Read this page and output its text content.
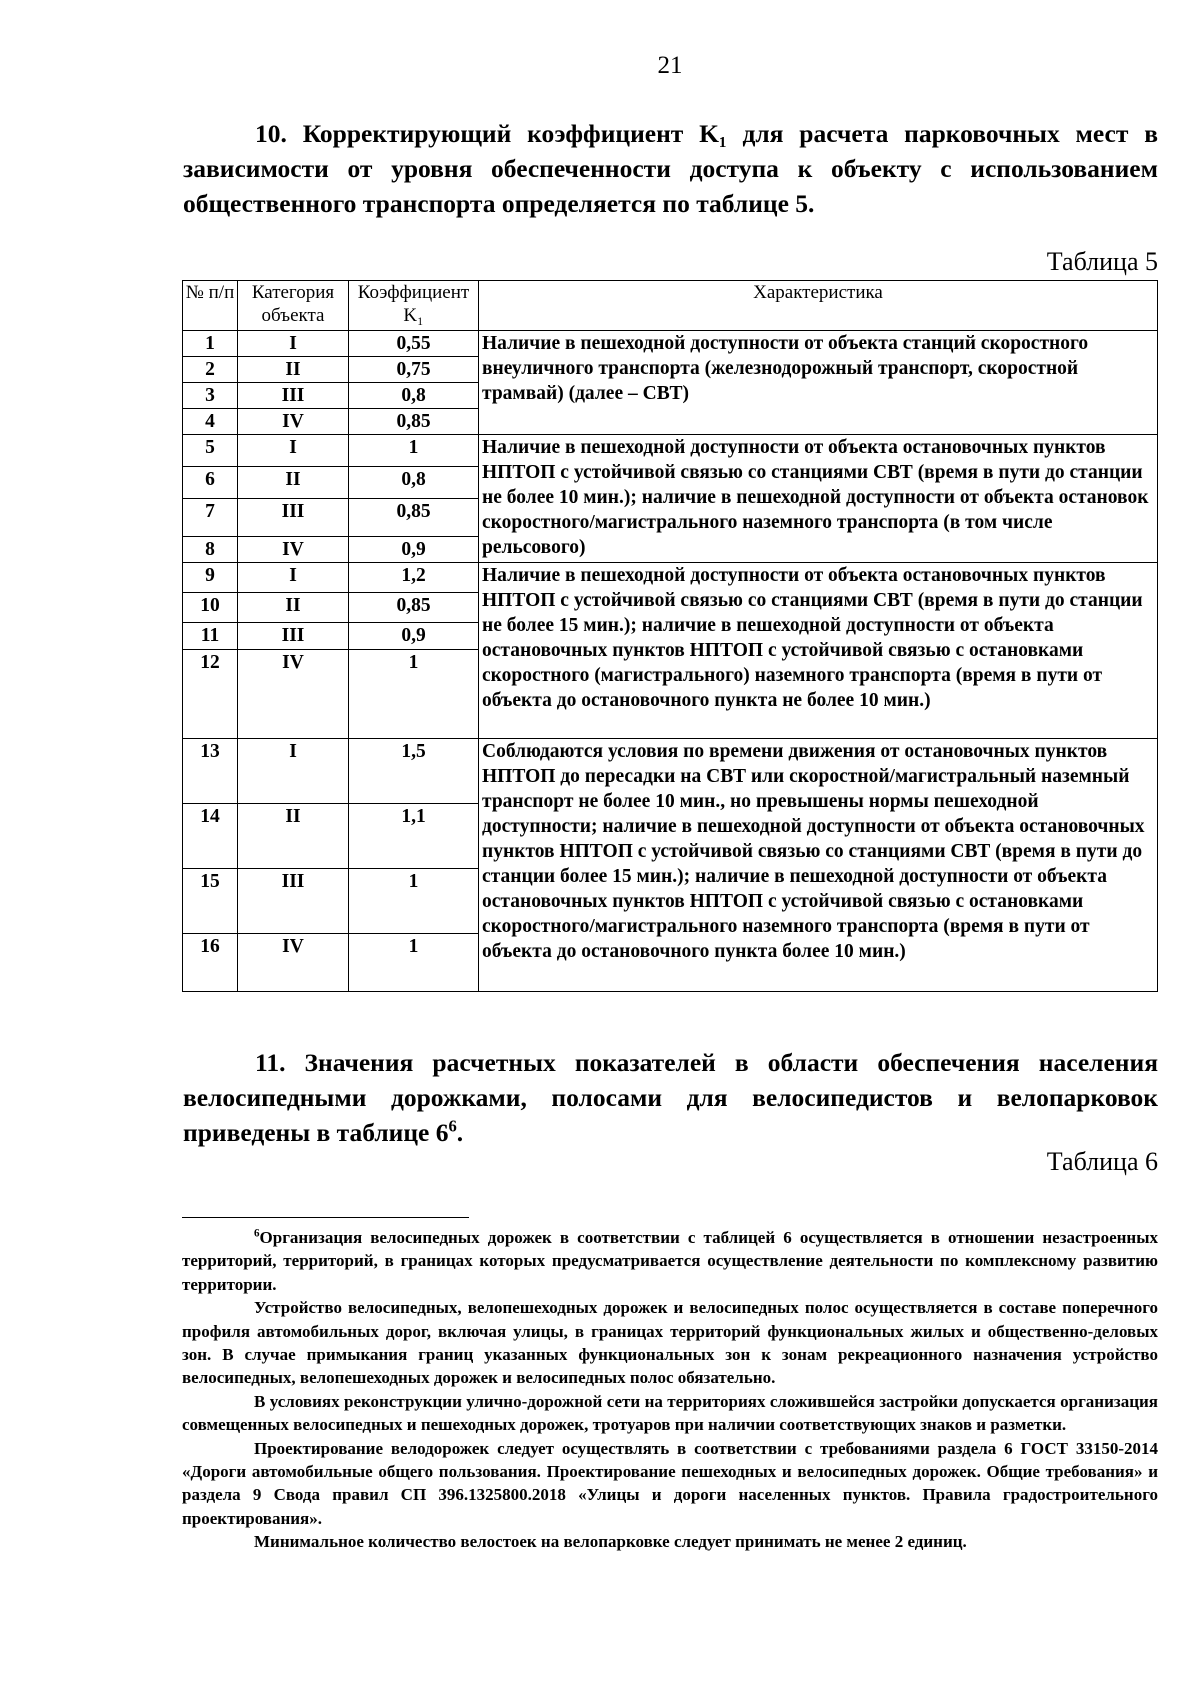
21
10. Корректирующий коэффициент K₁ для расчета парковочных мест в зависимости от уровня обеспеченности доступа к объекту с использованием общественного транспорта определяется по таблице 5.
Таблица 5
№ п/п	Категория объекта	Коэффициент K₁	Характеристика
1	I	0,55	Наличие в пешеходной доступности от объекта станций скоростного внеуличного транспорта (железнодорожный транспорт, скоростной трамвай) (далее – СВТ)
2	II	0,75	
3	III	0,8	
4	IV	0,85	
5	I	1	Наличие в пешеходной доступности от объекта остановочных пунктов НПТОП с устойчивой связью со станциями СВТ (время в пути до станции не более 10 мин.); наличие в пешеходной доступности от объекта остановок скоростного/магистрального наземного транспорта (в том числе рельсового)
6	II	0,8	
7	III	0,85	
8	IV	0,9	
9	I	1,2	Наличие в пешеходной доступности от объекта остановочных пунктов НПТОП с устойчивой связью со станциями СВТ (время в пути до станции не более 15 мин.); наличие в пешеходной доступности от объекта остановочных пунктов НПТОП с устойчивой связью с остановками скоростного (магистрального) наземного транспорта (время в пути от объекта до остановочного пункта не более 10 мин.)
10	II	0,85	
11	III	0,9	
12	IV	1	
13	I	1,5	Соблюдаются условия по времени движения от остановочных пунктов НПТОП до пересадки на СВТ или скоростной/магистральный наземный транспорт не более 10 мин., но превышены нормы пешеходной доступности; наличие в пешеходной доступности от объекта остановочных пунктов НПТОП с устойчивой связью со станциями СВТ (время в пути до станции более 15 мин.); наличие в пешеходной доступности от объекта остановочных пунктов НПТОП с устойчивой связью с остановками скоростного/магистрального наземного транспорта (время в пути от объекта до остановочного пункта более 10 мин.)
14	II	1,1	
15	III	1	
16	IV	1	
11. Значения расчетных показателей в области обеспечения населения велосипедными дорожками, полосами для велосипедистов и велопарковок приведены в таблице $6^6$.
Таблица 6

$^6$Организация велосипедных дорожек в соответствии с таблицей 6 осуществляется в отношении незастроенных территорий, территорий, в границах которых предусматривается осуществление деятельности по комплексному развитию территории.

Устройство велосипедных, велопешеходных дорожек и велосипедных полос осуществляется в составе поперечного профиля автомобильных дорог, включая улицы, в границах территорий функциональных жилых и общественно-деловых зон. В случае примыкания границ указанных функциональных зон к зонам рекреационного назначения устройство велосипедных, велопешеходных дорожек и велосипедных полос обязательно.

В условиях реконструкции улично-дорожной сети на территориях сложившейся застройки допускается организация совмещенных велосипедных и пешеходных дорожек, тротуаров при наличии соответствующих знаков и разметки.

Проектирование велодорожек следует осуществлять в соответствии с требованиями раздела 6 ГОСТ 33150-2014 «Дороги автомобильные общего пользования. Проектирование пешеходных и велосипедных дорожек. Общие требования» и раздела 9 Свода правил СП 396.1325800.2018 «Улицы и дороги населенных пунктов. Правила градостроительного проектирования».

Минимальное количество велостоек на велопарковке следует принимать не менее 2 единиц.
